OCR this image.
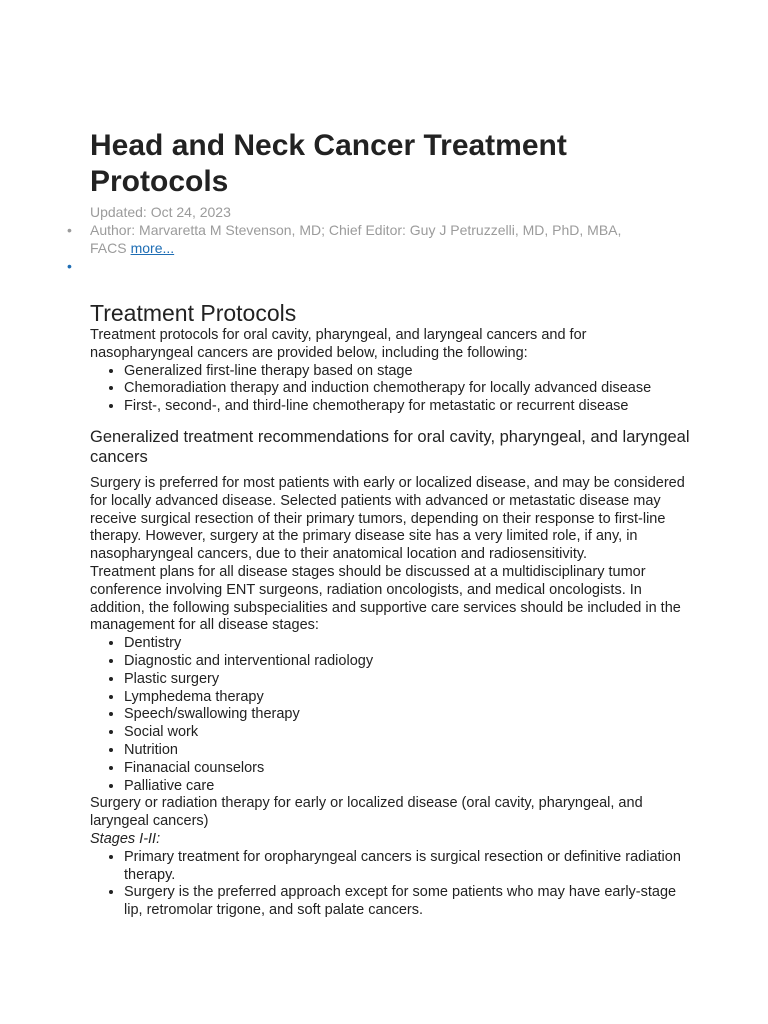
Head and Neck Cancer Treatment Protocols
Updated: Oct 24, 2023
• Author: Marvaretta M Stevenson, MD; Chief Editor: Guy J Petruzzelli, MD, PhD, MBA, FACS more...
•
Treatment Protocols

Treatment protocols for oral cavity, pharyngeal, and laryngeal cancers and for nasopharyngeal cancers are provided below, including the following:

• Generalized first-line therapy based on stage
• Chemoradiation therapy and induction chemotherapy for locally advanced disease
• First-, second-, and third-line chemotherapy for metastatic or recurrent disease
Generalized treatment recommendations for oral cavity, pharyngeal, and laryngeal cancers

Surgery is preferred for most patients with early or localized disease, and may be considered for locally advanced disease. Selected patients with advanced or metastatic disease may receive surgical resection of their primary tumors, depending on their response to first-line therapy. However, surgery at the primary disease site has a very limited role, if any, in nasopharyngeal cancers, due to their anatomical location and radiosensitivity.

Treatment plans for all disease stages should be discussed at a multidisciplinary tumor conference involving ENT surgeons, radiation oncologists, and medical oncologists. In addition, the following subspecialities and supportive care services should be included in the management for all disease stages:

• Dentistry
• Diagnostic and interventional radiology
• Plastic surgery
• Lymphedema therapy
• Speech/swallowing therapy
• Social work
• Nutrition
• Finanacial counselors
• Palliative care

Surgery or radiation therapy for early or localized disease (oral cavity, pharyngeal, and laryngeal cancers)

Stages I-II:

• Primary treatment for oropharyngeal cancers is surgical resection or definitive radiation therapy.
• Surgery is the preferred approach except for some patients who may have early-stage lip, retromolar trigone, and soft palate cancers.
